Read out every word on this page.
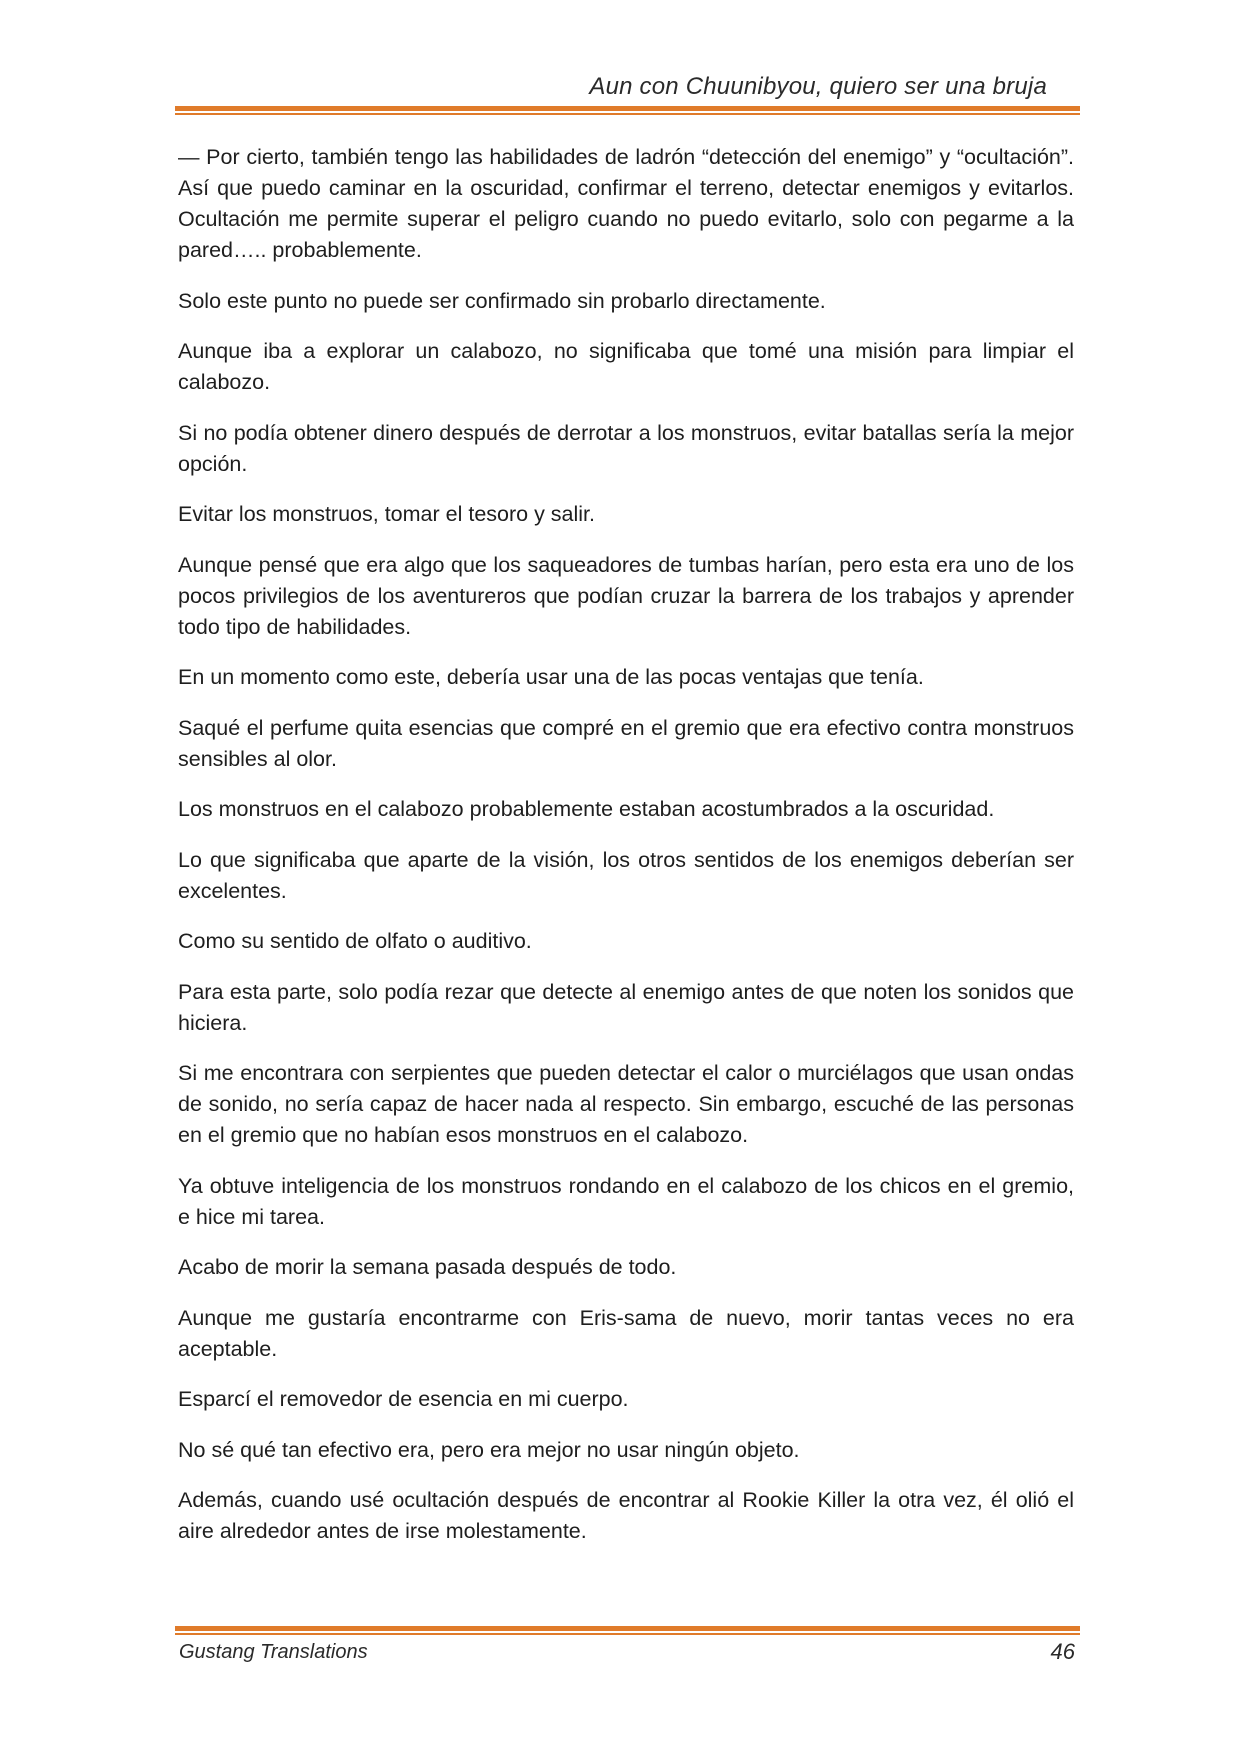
Aun con Chuunibyou, quiero ser una bruja

— Por cierto, también tengo las habilidades de ladrón “detección del enemigo” y “ocultación”. Así que puedo caminar en la oscuridad, confirmar el terreno, detectar enemigos y evitarlos. Ocultación me permite superar el peligro cuando no puedo evitarlo, solo con pegarme a la pared….. probablemente.

Solo este punto no puede ser confirmado sin probarlo directamente.

Aunque iba a explorar un calabozo, no significaba que tomé una misión para limpiar el calabozo.

Si no podía obtener dinero después de derrotar a los monstruos, evitar batallas sería la mejor opción.

Evitar los monstruos, tomar el tesoro y salir.

Aunque pensé que era algo que los saqueadores de tumbas harían, pero esta era uno de los pocos privilegios de los aventureros que podían cruzar la barrera de los trabajos y aprender todo tipo de habilidades.

En un momento como este, debería usar una de las pocas ventajas que tenía.

Saqué el perfume quita esencias que compré en el gremio que era efectivo contra monstruos sensibles al olor.

Los monstruos en el calabozo probablemente estaban acostumbrados a la oscuridad.

Lo que significaba que aparte de la visión, los otros sentidos de los enemigos deberían ser excelentes.

Como su sentido de olfato o auditivo.

Para esta parte, solo podía rezar que detecte al enemigo antes de que noten los sonidos que hiciera.

Si me encontrara con serpientes que pueden detectar el calor o murciélagos que usan ondas de sonido, no sería capaz de hacer nada al respecto. Sin embargo, escuché de las personas en el gremio que no habían esos monstruos en el calabozo.

Ya obtuve inteligencia de los monstruos rondando en el calabozo de los chicos en el gremio, e hice mi tarea.

Acabo de morir la semana pasada después de todo.

Aunque me gustaría encontrarme con Eris-sama de nuevo, morir tantas veces no era aceptable.

Esparcí el removedor de esencia en mi cuerpo.

No sé qué tan efectivo era, pero era mejor no usar ningún objeto.

Además, cuando usé ocultación después de encontrar al Rookie Killer la otra vez, él olió el aire alrededor antes de irse molestamente.

Gustang Translations	46
